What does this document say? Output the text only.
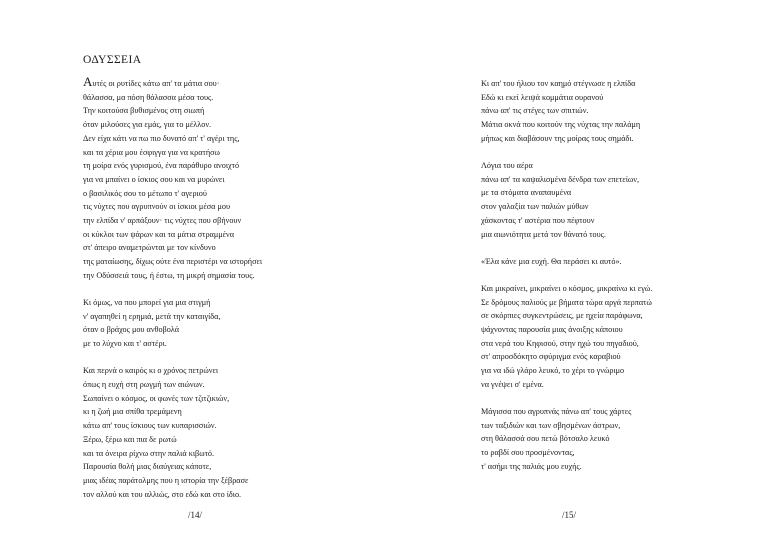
ΟΔΥΣΣΕΙΑ
Αυτές οι ρυτίδες κάτω απ' τα μάτια σου·
θάλασσα, μα πόση θάλασσα μέσα τους.
Την κοιτούσα βυθισμένος στη σιωπή
όταν μιλούσες για εμάς, για το μέλλον.
Δεν είχα κάτι να πω πιο δυνατό απ' τ' αγέρι της,
και τα χέρια μου έσφιγγα για να κρατήσω
τη μοίρα ενός γυρισμού, ένα παράθυρο ανοιχτό
για να μπαίνει ο ίσκιος σου και να μυρώνει
ο βασιλικός σου το μέτωπο τ' αγεριού
τις νύχτες που αγρυπνούν οι ίσκιοι μέσα μου
την ελπίδα ν' αρπάξουν· τις νύχτες που σβήνουν
οι κύκλοι των ψάρων και τα μάτια στραμμένα
στ' άπειρο αναμετρώνται με τον κίνδυνο
της ματαίωσης, δίχως ούτε ένα περιστέρι να ιστορήσει
την Οδύσσειά τους, ή έστω, τη μικρή σημασία τους.
Κι όμως, να που μπορεί για μια στιγμή
ν' αγαπηθεί η ερημιά, μετά την καταιγίδα,
όταν ο βράχος μου ανθοβολά
με το λύχνο και τ' αστέρι.
Και περνά ο καιρός κι ο χρόνος πετρώνει
όπως η ευχή στη ρωγμή των αιώνων.
Σωπαίνει ο κόσμος, οι φωνές των τζιτζικιών,
κι η ζωή μια σπίθα τρεμάμενη
κάτω απ' τους ίσκιους των κυπαρισσιών.
Ξέρω, ξέρω και πια δε ρωτώ
και τα όνειρα ρίχνω στην παλιά κιβωτό.
Παρουσία θολή μιας διαύγειας κάποτε,
μιας ιδέας παράτολμης που η ιστορία την ξέβρασε
τον αλλού και του αλλιώς, στο εδώ και στο ίδιο.
/14/
Κι απ' του ήλιου τον καημό στέγνωσε η ελπίδα
Εδώ κι εκεί λειψά κομμάτια ουρανού
πάνω απ' τις στέγες των σπιτιών.
Μάτια οκνά που κοιτούν της νύχτας την παλάμη
μήπως και διαβάσουν της μοίρας τους σημάδι.
Λόγια του αέρα
πάνω απ' τα καψαλισμένα δένδρα των επετείων,
με τα στόματα αναπαυμένα
στον γαλαξία των παλιών μύθων
χάσκοντας τ' αστέρια που πέφτουν
μια αιωνιότητα μετά τον θάνατό τους.
«Έλα κάνε μια ευχή. Θα περάσει κι αυτό».
Και μικραίνει, μικραίνει ο κόσμος, μικραίνω κι εγώ.
Σε δρόμους παλιούς με βήματα τώρα αργά περπατώ
σε σκόρπιες συγκεντρώσεις, με ηχεία παράφωνα,
ψάχνοντας παρουσία μιας άνοιξης κάποιου
στα νερά του Κηφισού, στην ηχώ του πηγαδιού,
στ' απροσδόκητο σφύριγμα ενός καραβιού
για να ιδώ γλάρο λευκό, το χέρι το γνώριμο
να γνέψει σ' εμένα.
Μάγισσα που αγρυπνάς πάνω απ' τους χάρτες
των ταξιδιών και των σβησμένων άστρων,
στη θάλασσά σου πετώ βότσαλο λευκό
το ραβδί σου προσμένοντας,
τ' ασήμι της παλιάς μου ευχής.
/15/
